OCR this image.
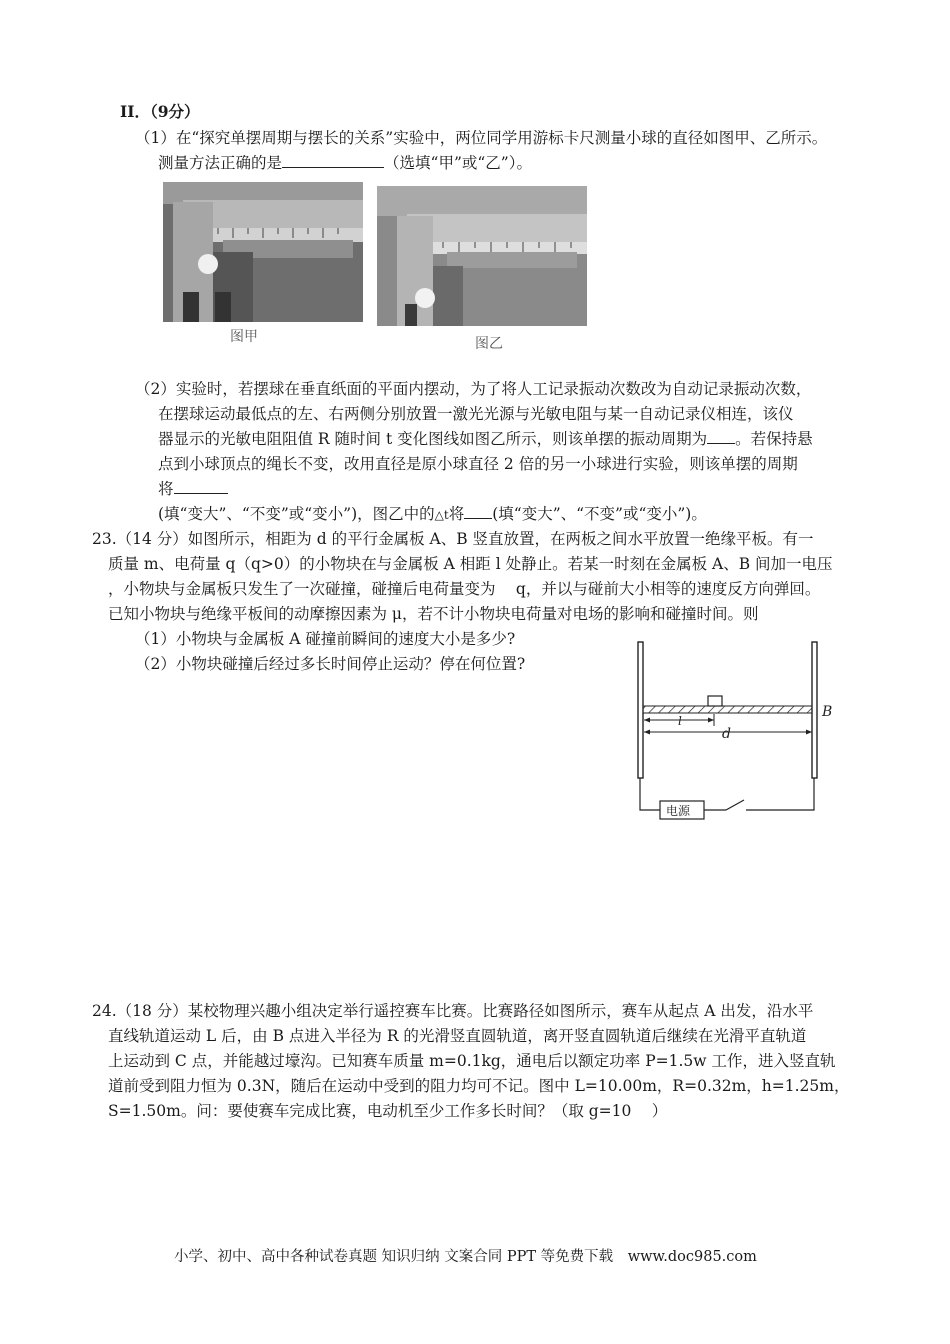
II．（9分）
（1）在“探究单摆周期与摆长的关系”实验中，两位同学用游标卡尺测量小球的直径如图甲、乙所示。
测量方法正确的是	（选填“甲”或“乙”）。
图甲	图乙
（2）实验时，若摆球在垂直纸面的平面内摆动，为了将人工记录振动次数改为自动记录振动次数，
在摆球运动最低点的左、右两侧分别放置一激光光源与光敏电阻与某一自动记录仪相连，该仪
器显示的光敏电阻阻值 R 随时间 t 变化图线如图乙所示，则该单摆的振动周期为 。若保持悬
点到小球顶点的绳长不变，改用直径是原小球直径 2 倍的另一小球进行实验，则该单摆的周期
将
(填“变大”、“不变”或“变小”)，图乙中的△t将 (填“变大”、“不变”或“变小”)。
23.（14 分）如图所示，相距为 d 的平行金属板 A、B 竖直放置，在两板之间水平放置一绝缘平板。有一
质量 m、电荷量 q（q>0）的小物块在与金属板 A 相距 l 处静止。若某一时刻在金属板 A、B 间加一电压
，小物块与金属板只发生了一次碰撞，碰撞后电荷量变为　 q，并以与碰前大小相等的速度反方向弹回。
已知小物块与绝缘平板间的动摩擦因素为 μ，若不计小物块电荷量对电场的影响和碰撞时间。则
（1）小物块与金属板 A 碰撞前瞬间的速度大小是多少?
（2）小物块碰撞后经过多长时间停止运动？停在何位置?
l
d
B
电源
24.（18 分）某校物理兴趣小组决定举行遥控赛车比赛。比赛路径如图所示，赛车从起点 A 出发，沿水平
直线轨道运动 L 后，由 B 点进入半径为 R 的光滑竖直圆轨道，离开竖直圆轨道后继续在光滑平直轨道
上运动到 C 点，并能越过壕沟。已知赛车质量 m=0.1kg，通电后以额定功率 P=1.5w 工作，进入竖直轨
道前受到阻力恒为 0.3N，随后在运动中受到的阻力均可不记。图中 L=10.00m，R=0.32m，h=1.25m，
S=1.50m。问：要使赛车完成比赛，电动机至少工作多长时间？（取 g=10　 ）
小学、初中、高中各种试卷真题 知识归纳 文案合同 PPT 等免费下载 www.doc985.com
